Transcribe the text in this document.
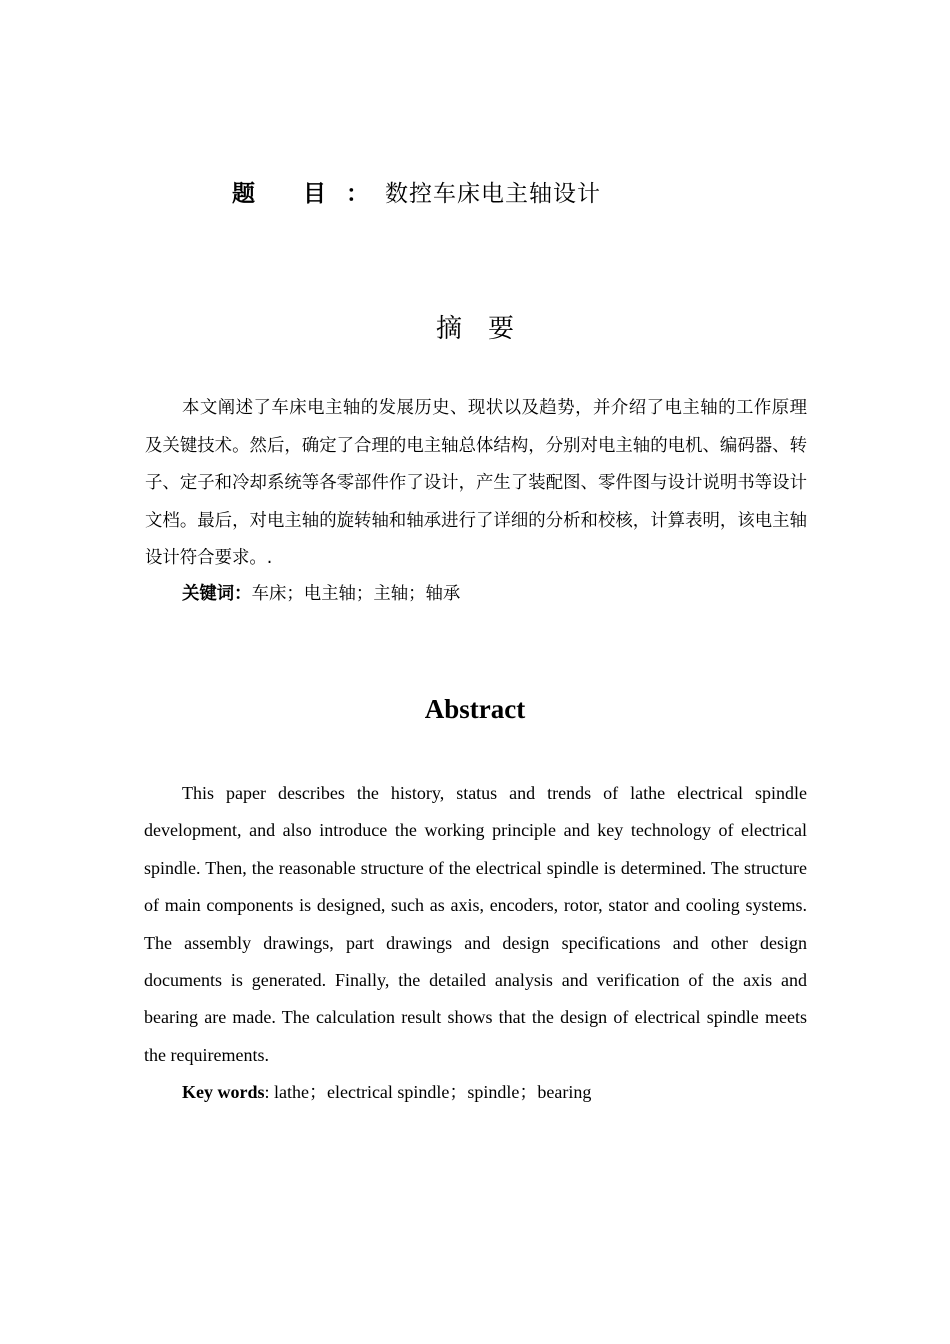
题 目：
数控车床电主轴设计
摘要

本文阐述了车床电主轴的发展历史、现状以及趋势，并介绍了电主轴的工作原理及关键技术。然后，确定了合理的电主轴总体结构，分别对电主轴的电机、编码器、转子、定子和冷却系统等各零部件作了设计，产生了装配图、零件图与设计说明书等设计文档。最后，对电主轴的旋转轴和轴承进行了详细的分析和校核，计算表明，该电主轴设计符合要求。.

关键词：车床；电主轴；主轴；轴承
Abstract

This paper describes the history, status and trends of lathe electrical spindle development, and also introduce the working principle and key technology of electrical spindle. Then, the reasonable structure of the electrical spindle is determined. The structure of main components is designed, such as axis, encoders, rotor, stator and cooling systems. The assembly drawings, part drawings and design specifications and other design documents is generated. Finally, the detailed analysis and verification of the axis and bearing are made. The calculation result shows that the design of electrical spindle meets the requirements.

Key words: lathe；electrical spindle；spindle；bearing
